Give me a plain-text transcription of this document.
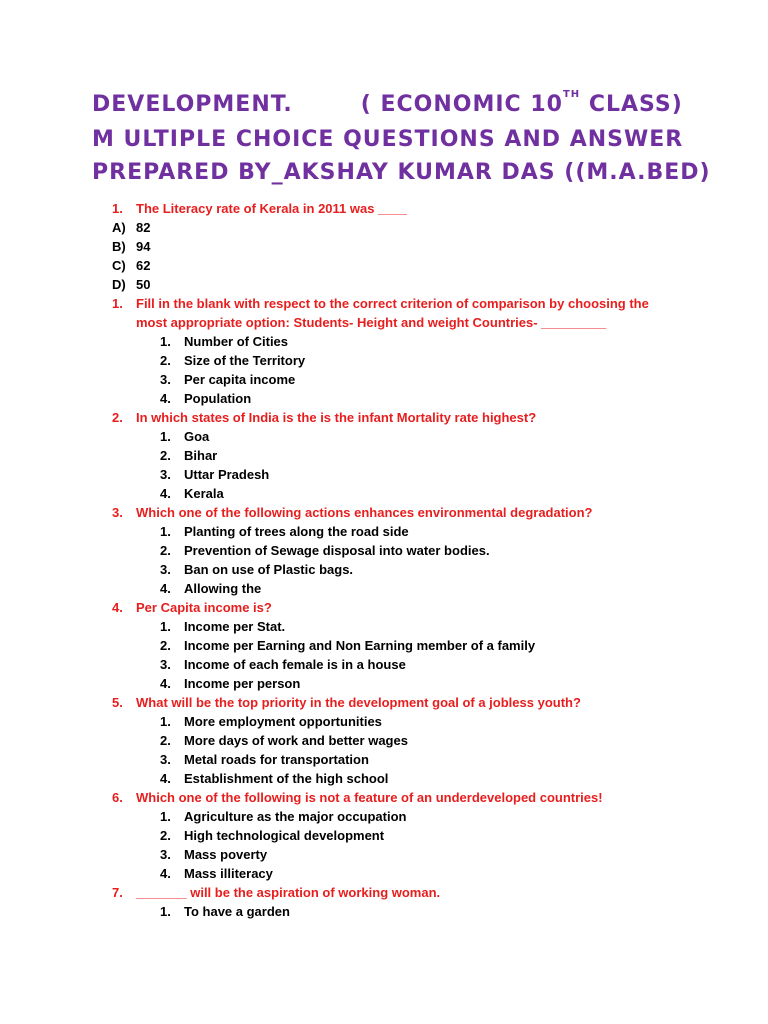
DEVELOPMENT.	( ECONOMIC 10TH CLASS)
M ULTIPLE CHOICE QUESTIONS AND ANSWER
PREPARED BY_AKSHAY KUMAR DAS ((M.A.BED)
1. The Literacy rate of Kerala in 2011 was ____
A) 82
B) 94
C) 62
D) 50
1. Fill in the blank with respect to the correct criterion of comparison by choosing the most appropriate option: Students- Height and weight Countries- _________
1. Number of Cities
2. Size of the Territory
3. Per capita income
4. Population
2. In which states of India is the is the infant Mortality rate highest?
1. Goa
2. Bihar
3. Uttar Pradesh
4. Kerala
3. Which one of the following actions enhances environmental degradation?
1. Planting of trees along the road side
2. Prevention of Sewage disposal into water bodies.
3. Ban on use of Plastic bags.
4. Allowing the
4. Per Capita income is?
1. Income per Stat.
2. Income per Earning and Non Earning member of a family
3. Income of each female is in a house
4. Income per person
5. What will be the top priority in the development goal of a jobless youth?
1. More employment opportunities
2. More days of work and better wages
3. Metal roads for transportation
4. Establishment of the high school
6. Which one of the following is not a feature of an underdeveloped countries!
1. Agriculture as the major occupation
2. High technological development
3. Mass poverty
4. Mass illiteracy
7. _______ will be the aspiration of working woman.
1. To have a garden
